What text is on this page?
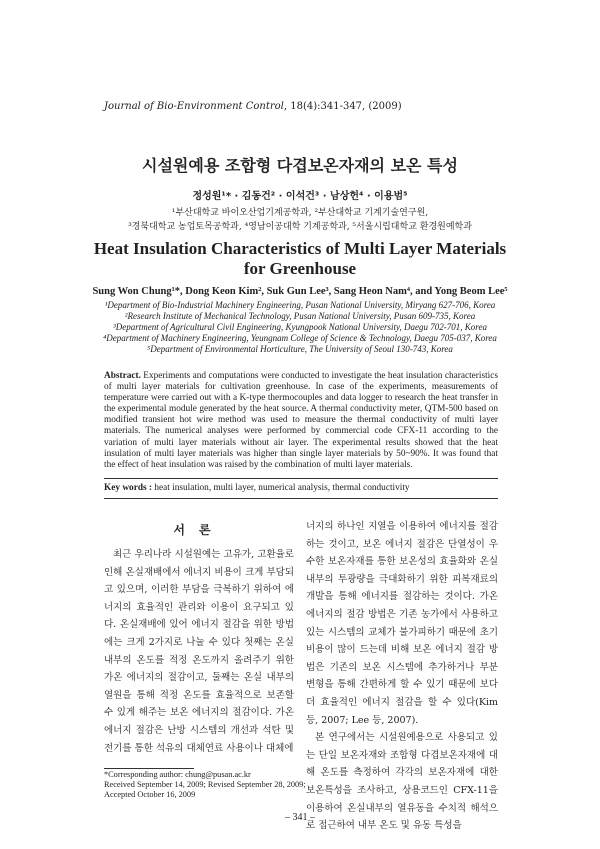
Journal of Bio-Environment Control, 18(4):341-347, (2009)
시설원예용 조합형 다겹보온자재의 보온 특성
정성원¹* · 김동건² · 이석건³ · 남상헌⁴ · 이용범⁵
¹부산대학교 바이오산업기계공학과, ²부산대학교 기계기술연구원,
³경북대학교 농업토목공학과, ⁴영남이공대학 기계공학과, ⁵서울시립대학교 환경원예학과
Heat Insulation Characteristics of Multi Layer Materials
for Greenhouse
Sung Won Chung¹*, Dong Keon Kim², Suk Gun Lee³, Sang Heon Nam⁴, and Yong Beom Lee⁵
¹Department of Bio-Industrial Machinery Engineering, Pusan National University, Miryang 627-706, Korea
²Research Institute of Mechanical Technology, Pusan National University, Pusan 609-735, Korea
³Department of Agricultural Civil Engineering, Kyungpook National University, Daegu 702-701, Korea
⁴Department of Machinery Engineering, Yeungnam College of Science & Technology, Daegu 705-037, Korea
⁵Department of Environmental Horticulture, The University of Seoul 130-743, Korea
Abstract. Experiments and computations were conducted to investigate the heat insulation characteristics of multi layer materials for cultivation greenhouse. In case of the experiments, measurements of temperature were carried out with a K-type thermocouples and data logger to research the heat transfer in the experimental module generated by the heat source. A thermal conductivity meter, QTM-500 based on modified transient hot wire method was used to measure the thermal conductivity of multi layer materials. The numerical analyses were performed by commercial code CFX-11 according to the variation of multi layer materials without air layer. The experimental results showed that the heat insulation of multi layer materials was higher than single layer materials by 50~90%. It was found that the effect of heat insulation was raised by the combination of multi layer materials.
Key words : heat insulation, multi layer, numerical analysis, thermal conductivity
서론

최근 우리나라 시설원예는 고유가, 고환율로 인해 온실재배에서 에너지 비용이 크게 부담되고 있으며, 이러한 부담을 극복하기 위하여 에너지의 효율적인 관리와 이용이 요구되고 있다. 온실재배에 있어 에너지 절감을 위한 방법에는 크게 2가지로 나눌 수 있다 첫째는 온실 내부의 온도를 적정 온도까지 올려주기 위한 가온 에너지의 절감이고, 둘째는 온실 내부의 열원을 통해 적정 온도를 효율적으로 보존할 수 있게 해주는 보온 에너지의 절감이다. 가온 에너지 절감은 난방 시스템의 개선과 석탄 및 전기를 통한 석유의 대체연료 사용이나 대체에

너지의 하나인 지열을 이용하여 에너지를 절감하는 것이고, 보온 에너지 절감은 단열성이 우수한 보온자재를 통한 보온성의 효율화와 온실 내부의 투광량을 극대화하기 위한 피복재료의 개발을 통해 에너지를 절감하는 것이다. 가온 에너지의 절감 방법은 기존 농가에서 사용하고 있는 시스템의 교체가 불가피하기 때문에 초기 비용이 많이 드는데 비해 보온 에너지 절감 방법은 기존의 보온 시스템에 추가하거나 부분 변형을 통해 간편하게 할 수 있기 때문에 보다 더 효율적인 에너지 절감을 할 수 있다(Kim 등, 2007; Lee 등, 2007).

본 연구에서는 시설원예용으로 사용되고 있는 단일 보온자재와 조합형 다겹보온자재에 대해 온도를 측정하여 각각의 보온자재에 대한 보온특성을 조사하고, 상용코드인 CFX-11을 이용하여 온실내부의 열유동을 수치적 해석으로 접근하여 내부 온도 및 유동 특성을

*Corresponding author: chung@pusan.ac.kr
Received September 14, 2009; Revised September 28, 2009;
Accepted October 16, 2009
– 341 –
